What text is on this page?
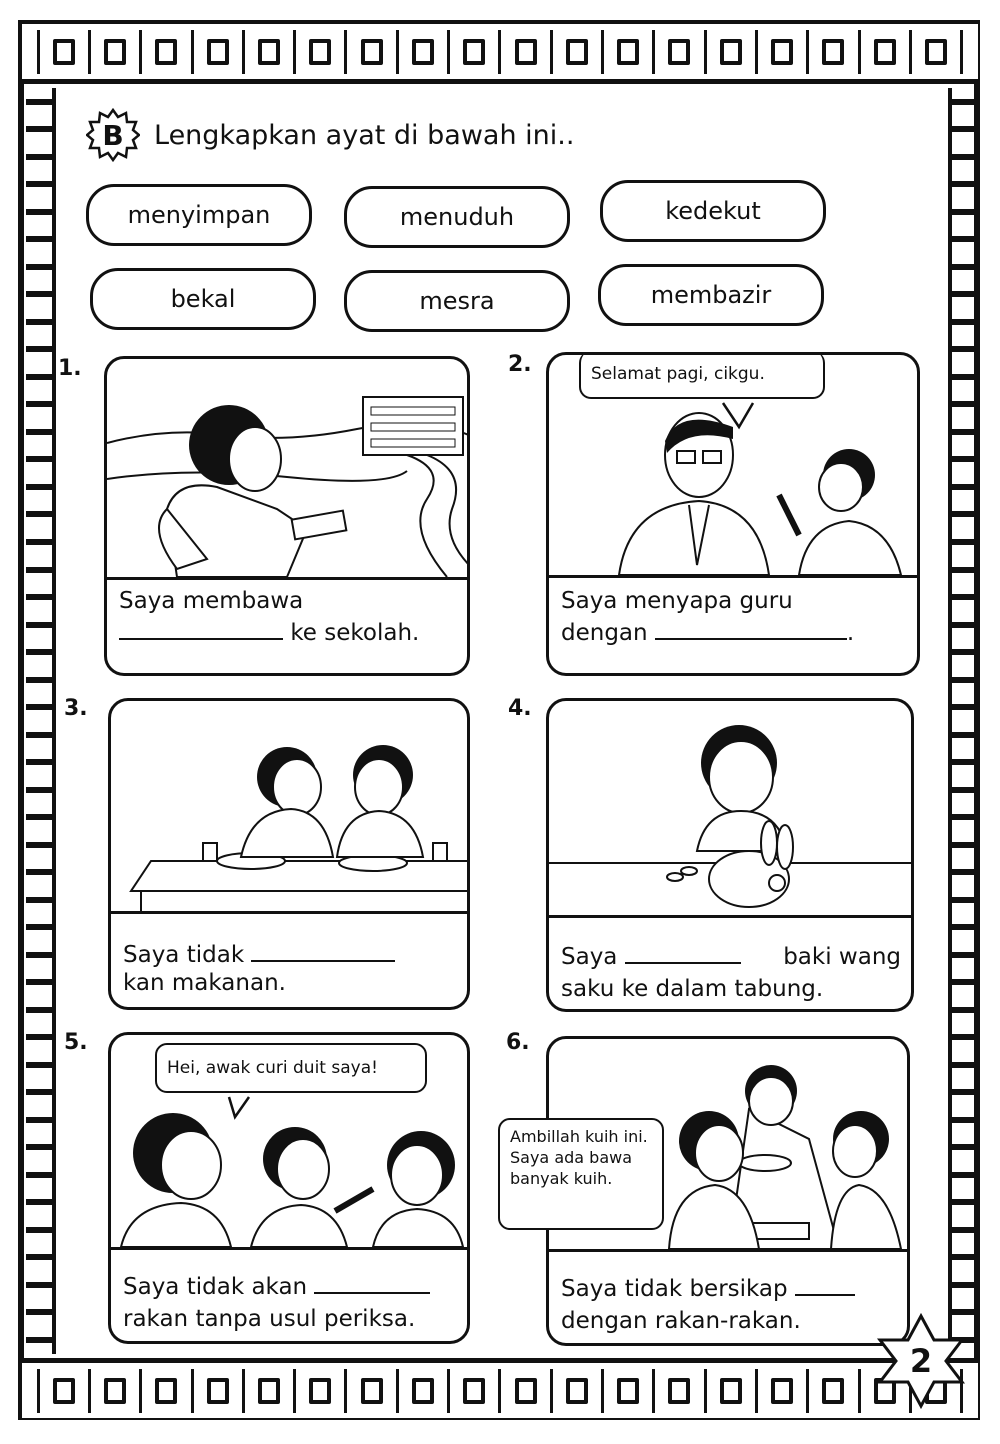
B Lengkapkan ayat di bawah ini..
menyimpan	menuduh	kedekut
bekal	mesra	membazir
1.
Saya membawa
ke sekolah.
2.	Selamat pagi, cikgu.
Saya menyapa guru
dengan	.
3.
Saya tidak
kan makanan.
4.
Saya	baki wang
saku ke dalam tabung.
5.
Hei, awak curi duit saya!
Saya tidak akan
rakan tanpa usul periksa.
6.
Saya tidak bersikap
dengan rakan-rakan.
Ambillah kuih ini. Saya ada bawa banyak kuih.
2
